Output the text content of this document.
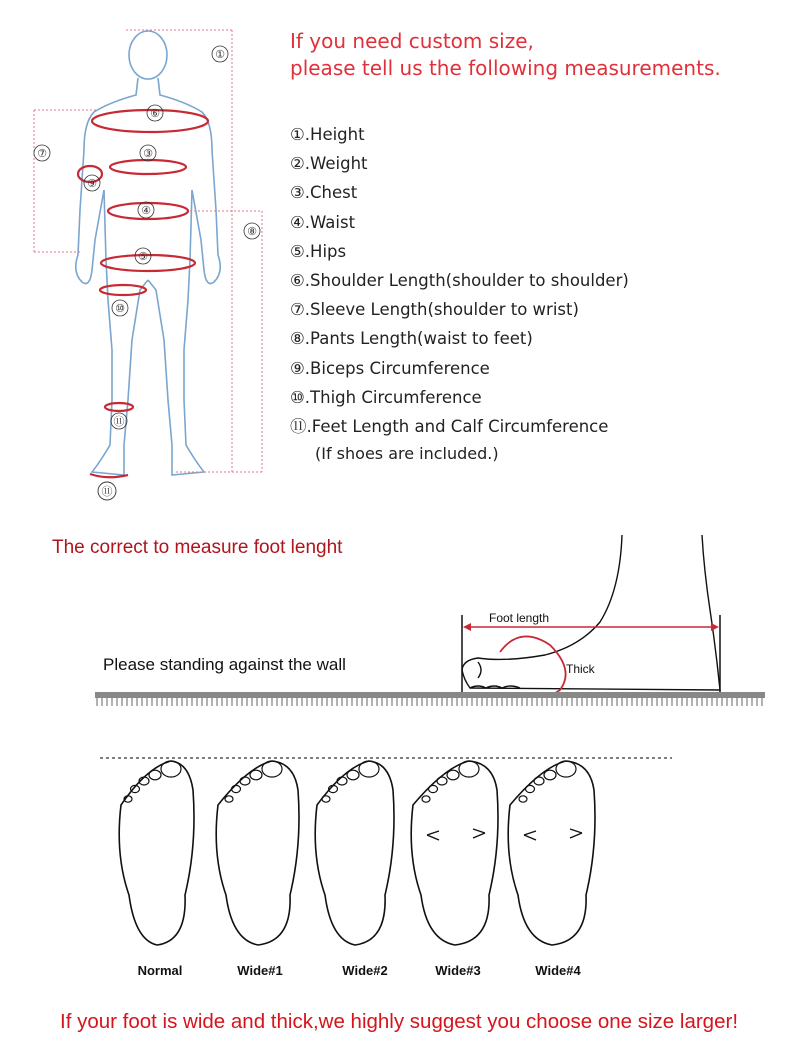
If you need custom size,
please tell us the following measurements.
①.Height
②.Weight
③.Chest
④.Waist
⑤.Hips
⑥.Shoulder Length(shoulder to shoulder)
⑦.Sleeve Length(shoulder to wrist)
⑧.Pants Length(waist to feet)
⑨.Biceps Circumference
⑩.Thigh Circumference
⑪.Feet Length and Calf Circumference
(If shoes are included.)
①
⑥
③
⑦
⑨
④
⑧
⑤
⑩
⑪
⑪
The correct to measure foot lenght
Please standing against the wall
Foot length
Thick
Normal	Wide#1	Wide#2	Wide#3	Wide#4
If your foot is wide and thick,we highly suggest you choose one size larger!
